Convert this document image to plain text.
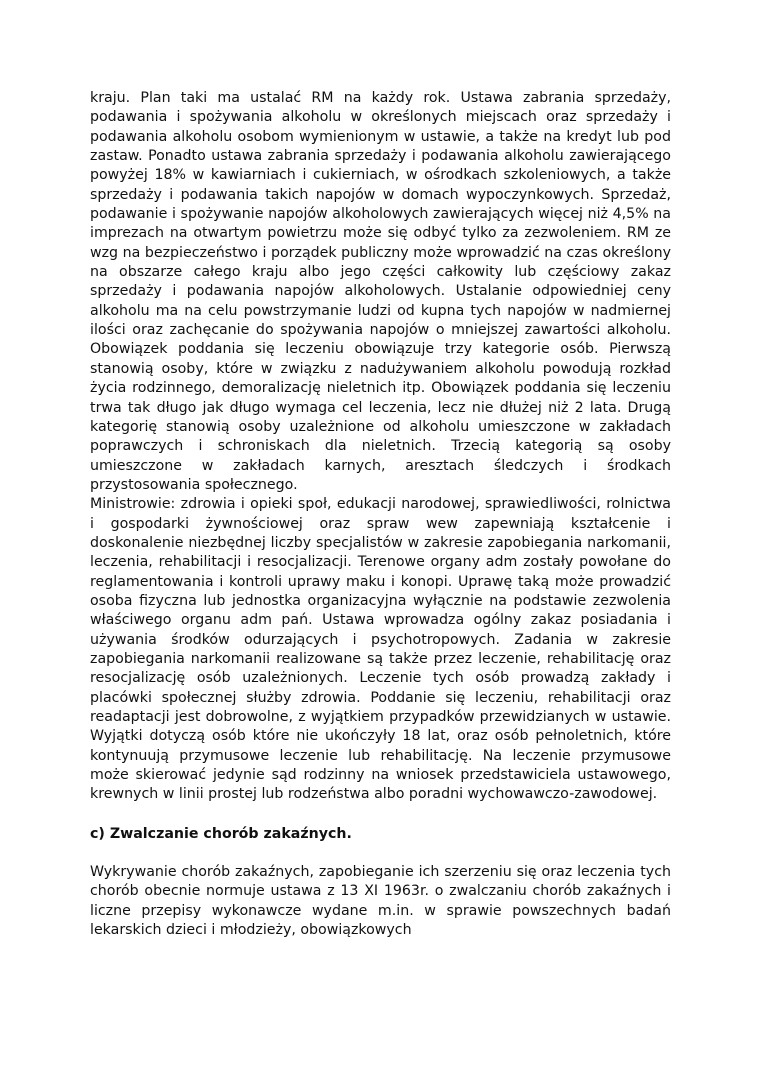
kraju. Plan taki ma ustalać RM na każdy rok. Ustawa zabrania sprzedaży, podawania i spożywania alkoholu w określonych miejscach oraz sprzedaży i podawania alkoholu osobom wymienionym w ustawie, a także na kredyt lub pod zastaw. Ponadto ustawa zabrania sprzedaży i podawania alkoholu zawierającego powyżej 18% w kawiarniach i cukierniach, w ośrodkach szkoleniowych, a także sprzedaży i podawania takich napojów w domach wypoczynkowych. Sprzedaż, podawanie i spożywanie napojów alkoholowych zawierających więcej niż 4,5% na imprezach na otwartym powietrzu może się odbyć tylko za zezwoleniem. RM ze wzg na bezpieczeństwo i porządek publiczny może wprowadzić na czas określony na obszarze całego kraju albo jego części całkowity lub częściowy zakaz sprzedaży i podawania napojów alkoholowych. Ustalanie odpowiedniej ceny alkoholu ma na celu powstrzymanie ludzi od kupna tych napojów w nadmiernej ilości oraz zachęcanie do spożywania napojów o mniejszej zawartości alkoholu. Obowiązek poddania się leczeniu obowiązuje trzy kategorie osób. Pierwszą stanowią osoby, które w związku z nadużywaniem alkoholu powodują rozkład życia rodzinnego, demoralizację nieletnich itp. Obowiązek poddania się leczeniu trwa tak długo jak długo wymaga cel leczenia, lecz nie dłużej niż 2 lata. Drugą kategorię stanowią osoby uzależnione od alkoholu umieszczone w zakładach poprawczych i schroniskach dla nieletnich. Trzecią kategorią są osoby umieszczone w zakładach karnych, aresztach śledczych i środkach przystosowania społecznego.

Ministrowie: zdrowia i opieki społ, edukacji narodowej, sprawiedliwości, rolnictwa i gospodarki żywnościowej oraz spraw wew zapewniają kształcenie i doskonalenie niezbędnej liczby specjalistów w zakresie zapobiegania narkomanii, leczenia, rehabilitacji i resocjalizacji. Terenowe organy adm zostały powołane do reglamentowania i kontroli uprawy maku i konopi. Uprawę taką może prowadzić osoba fizyczna lub jednostka organizacyjna wyłącznie na podstawie zezwolenia właściwego organu adm pań. Ustawa wprowadza ogólny zakaz posiadania i używania środków odurzających i psychotropowych. Zadania w zakresie zapobiegania narkomanii realizowane są także przez leczenie, rehabilitację oraz resocjalizację osób uzależnionych. Leczenie tych osób prowadzą zakłady i placówki społecznej służby zdrowia. Poddanie się leczeniu, rehabilitacji oraz readaptacji jest dobrowolne, z wyjątkiem przypadków przewidzianych w ustawie. Wyjątki dotyczą osób które nie ukończyły 18 lat, oraz osób pełnoletnich, które kontynuują przymusowe leczenie lub rehabilitację. Na leczenie przymusowe może skierować jedynie sąd rodzinny na wniosek przedstawiciela ustawowego, krewnych w linii prostej lub rodzeństwa albo poradni wychowawczo-zawodowej.

c) Zwalczanie chorób zakaźnych.

Wykrywanie chorób zakaźnych, zapobieganie ich szerzeniu się oraz leczenia tych chorób obecnie normuje ustawa z 13 XI 1963r. o zwalczaniu chorób zakaźnych i liczne przepisy wykonawcze wydane m.in. w sprawie powszechnych badań lekarskich dzieci i młodzieży, obowiązkowych
